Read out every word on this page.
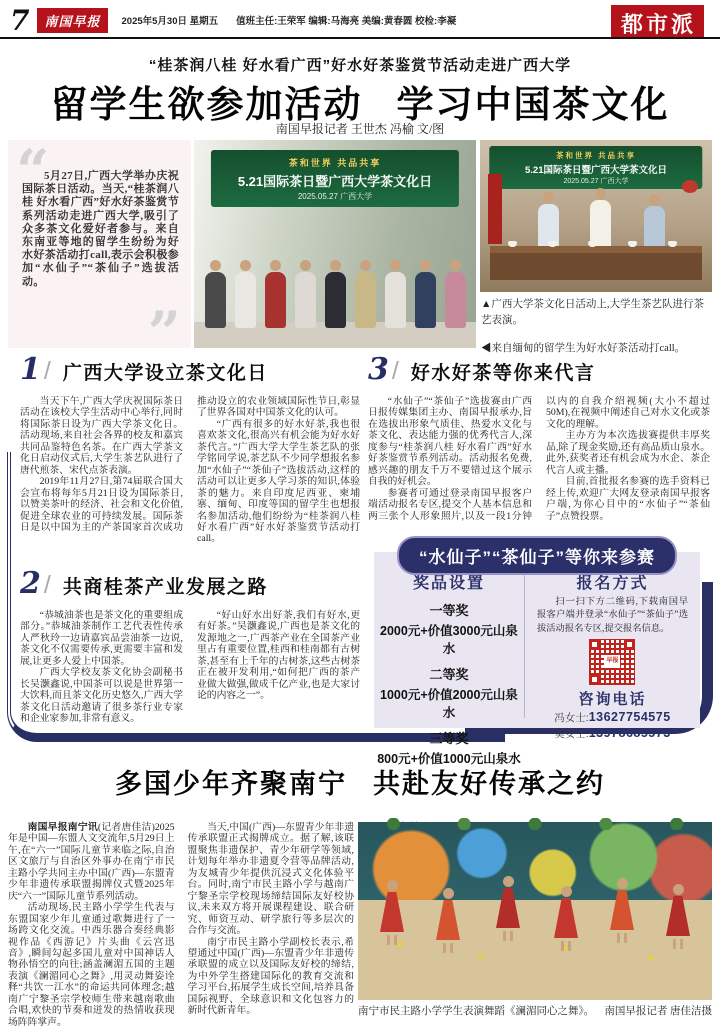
7	南国早报	2025年5月30日 星期五 值班主任:王荣军 编辑:马海亮 美编:黄春圆 校检:李凝	都市派
“桂茶润八桂 好水看广西”好水好茶鉴赏节活动走进广西大学
留学生欲参加活动 学习中国茶文化
南国早报记者 王世杰 冯榆 文/图
“

5月27日,广西大学举办庆祝国际茶日活动。当天,“桂茶润八桂 好水看广西”好水好茶鉴赏节系列活动走进广西大学,吸引了众多茶文化爱好者参与。来自东南亚等地的留学生纷纷为好水好茶活动打call,表示会积极参加“水仙子”“茶仙子”选拔活动。

”
茶和世界 共品共享
5.21国际茶日暨广西大学茶文化日
2025.05.27 广西大学
茶和世界 共品共享
5.21国际茶日暨广西大学茶文化日
2025.05.27 广西大学
▲广西大学茶文化日活动上,大学生茶艺队进行茶艺表演。
◀来自缅甸的留学生为好水好茶活动打call。
1 / 广西大学设立茶文化日

当天下午,广西大学庆祝国际茶日活动在该校大学生活动中心举行,同时将国际茶日设为广西大学茶文化日。活动现场,来自社会各界的校友和嘉宾共同品鉴特色名茶。在广西大学茶文化日启动仪式后,大学生茶艺队进行了唐代煎茶、宋代点茶表演。

2019年11月27日,第74届联合国大会宣布将每年5月21日设为国际茶日,以赞美茶叶的经济、社会和文化价值,促进全球农业的可持续发展。国际茶日是以中国为主的产茶国家首次成功推动设立的农业领域国际性节日,彰显了世界各国对中国茶文化的认可。

“广西有很多的好水好茶,我也很喜欢茶文化,很高兴有机会能为好水好茶代言。”广西大学大学生茶艺队的张学铭同学说,茶艺队不少同学想报名参加“水仙子”“茶仙子”选拔活动,这样的活动可以让更多人学习茶的知识,体验茶的魅力。来自印度尼西亚、柬埔寨、缅甸、印度等国的留学生也想报名参加活动,他们纷纷为“桂茶润八桂 好水看广西”好水好茶鉴赏节活动打call。

2 / 共商桂茶产业发展之路

“恭城油茶也是茶文化的重要组成部分。”恭城油茶制作工艺代表性传承人严秋玲一边请嘉宾品尝油茶一边说,茶文化不仅需要传承,更需要丰富和发展,让更多人爱上中国茶。

广西大学校友茶文化协会副秘书长吴灏鑫说,中国茶可以说是世界第一大饮料,而且茶文化历史悠久,广西大学茶文化日活动邀请了很多茶行业专家和企业家参加,非常有意义。

“好山好水出好茶,我们有好水,更有好茶。”吴灏鑫说,广西也是茶文化的发源地之一,广西茶产业在全国茶产业里占有重要位置,桂西和桂南都有古树茶,甚至有上千年的古树茶,这些古树茶正在被开发利用,“如何把广西的茶产业做大做强,做成千亿产业,也是大家讨论的内容之一”。

3 / 好水好茶等你来代言

“水仙子”“茶仙子”选拔赛由广西日报传媒集团主办、南国早报承办,旨在选拔出形象气质佳、热爱水文化与茶文化、表达能力强的优秀代言人,深度参与“桂茶润八桂 好水看广西”好水好茶鉴赏节系列活动。活动报名免费,感兴趣的朋友千万不要错过这个展示自我的好机会。

参赛者可通过登录南国早报客户端活动报名专区,提交个人基本信息和两三张个人形象照片,以及一段1分钟以内的自我介绍视频(大小不超过50M),在视频中阐述自己对水文化或茶文化的理解。

主办方为本次选拔赛提供丰厚奖品,除了现金奖励,还有高品质山泉水。此外,获奖者还有机会成为水企、茶企代言人或主播。

目前,首批报名参赛的选手资料已经上传,欢迎广大网友登录南国早报客户端,为你心目中的“水仙子”“茶仙子”点赞投票。

“水仙子”“茶仙子”等你来参赛
奖品设置
一等奖
2000元+价值3000元山泉水
二等奖
1000元+价值2000元山泉水
三等奖
800元+价值1000元山泉水
报名方式
扫一扫下方二维码,下载南国早报客户端并登录“水仙子”“茶仙子”选拔活动报名专区,提交报名信息。
早报
咨询电话
冯女士:13627754575
莫女士:13978685573
多国少年齐聚南宁 共赴友好传承之约

南国早报南宁讯(记者唐佳洁)2025年是中国—东盟人文交流年,5月29日上午,在“六一”国际儿童节来临之际,自治区文旅厅与自治区外事办在南宁市民主路小学共同主办中国(广西)—东盟青少年非遗传承联盟揭牌仪式暨2025年庆“六一”国际儿童节系列活动。

活动现场,民主路小学学生代表与东盟国家少年儿童通过歌舞进行了一场跨文化交流。中西乐器合奏经典影视作品《西游记》片头曲《云宫迅音》,瞬间勾起多国儿童对中国神话人物孙悟空的向往;涵盖澜湄五国的主题表演《澜湄同心之舞》,用灵动舞姿诠释“共饮一江水”的命运共同体理念;越南广宁黎圣宗学校师生带来越南歌曲合唱,欢快的节奏和迸发的热情收获现场阵阵掌声。

当天,中国(广西)—东盟青少年非遗传承联盟正式揭牌成立。据了解,该联盟聚焦非遗保护、青少年研学等领域,计划每年举办非遗夏令营等品牌活动,为友城青少年提供沉浸式文化体验平台。同时,南宁市民主路小学与越南广宁黎圣宗学校现场缔结国际友好校协议,未来双方将开展课程建设、联合研究、师资互动、研学旅行等多层次的合作与交流。

南宁市民主路小学副校长表示,希望通过中国(广西)—东盟青少年非遗传承联盟的成立以及国际友好校的缔结,为中外学生搭建国际化的教育交流和学习平台,拓展学生成长空间,培养具备国际视野、全球意识和文化包容力的新时代新青年。	南宁市民主路小学学生表演舞蹈《澜湄同心之舞》。 南国早报记者 唐佳洁摄
